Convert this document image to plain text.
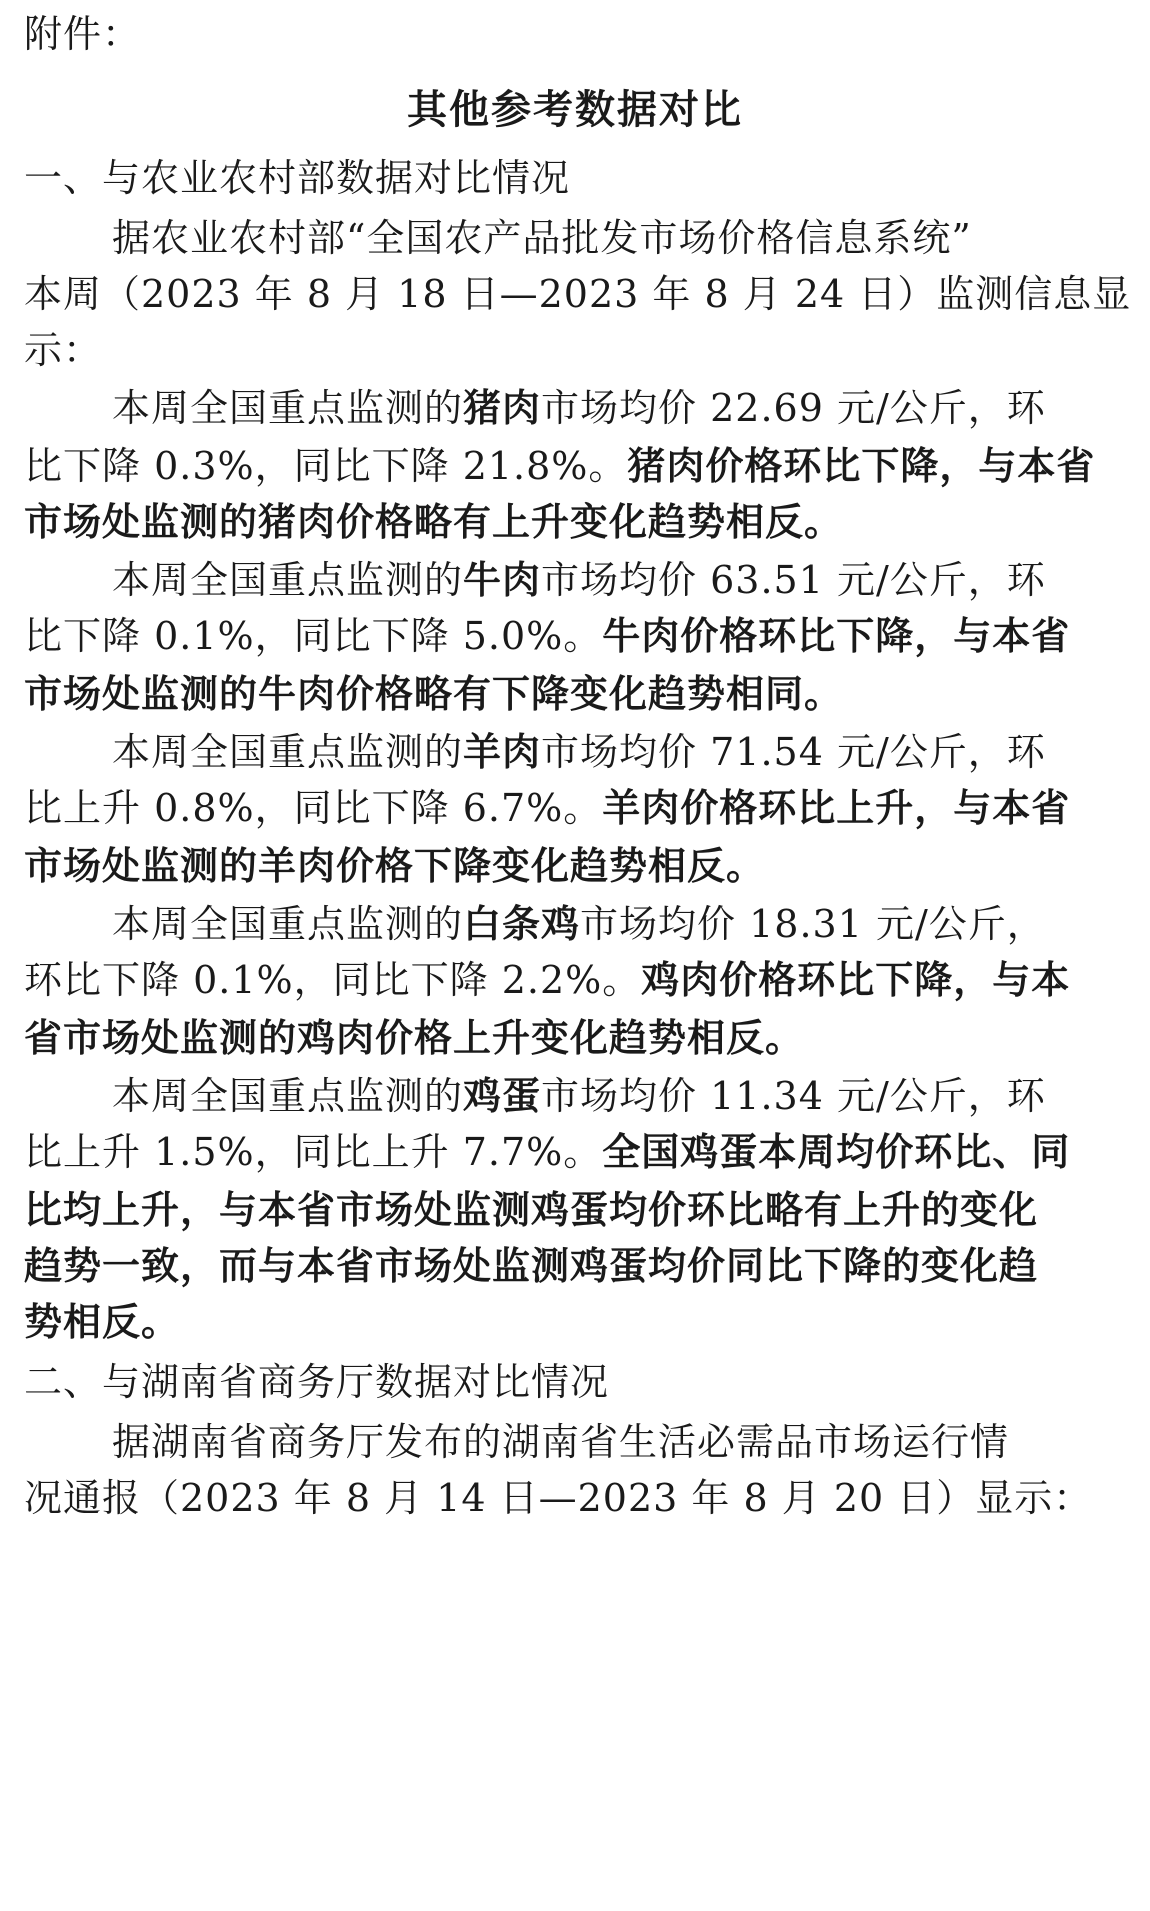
附件：
其他参考数据对比
一、与农业农村部数据对比情况
据农业农村部“全国农产品批发市场价格信息系统”
本周（2023 年 8 月 18 日—2023 年 8 月 24 日）监测信息显
示：
本周全国重点监测的猪肉市场均价 22.69 元/公斤，环
比下降 0.3%，同比下降 21.8%。猪肉价格环比下降，与本省
市场处监测的猪肉价格略有上升变化趋势相反。
本周全国重点监测的牛肉市场均价 63.51 元/公斤，环
比下降 0.1%，同比下降 5.0%。牛肉价格环比下降，与本省
市场处监测的牛肉价格略有下降变化趋势相同。
本周全国重点监测的羊肉市场均价 71.54 元/公斤，环
比上升 0.8%，同比下降 6.7%。羊肉价格环比上升，与本省
市场处监测的羊肉价格下降变化趋势相反。
本周全国重点监测的白条鸡市场均价 18.31 元/公斤，
环比下降 0.1%，同比下降 2.2%。鸡肉价格环比下降，与本
省市场处监测的鸡肉价格上升变化趋势相反。
本周全国重点监测的鸡蛋市场均价 11.34 元/公斤，环
比上升 1.5%，同比上升 7.7%。全国鸡蛋本周均价环比、同
比均上升，与本省市场处监测鸡蛋均价环比略有上升的变化
趋势一致，而与本省市场处监测鸡蛋均价同比下降的变化趋
势相反。
二、与湖南省商务厅数据对比情况
据湖南省商务厅发布的湖南省生活必需品市场运行情
况通报（2023 年 8 月 14 日—2023 年 8 月 20 日）显示：
